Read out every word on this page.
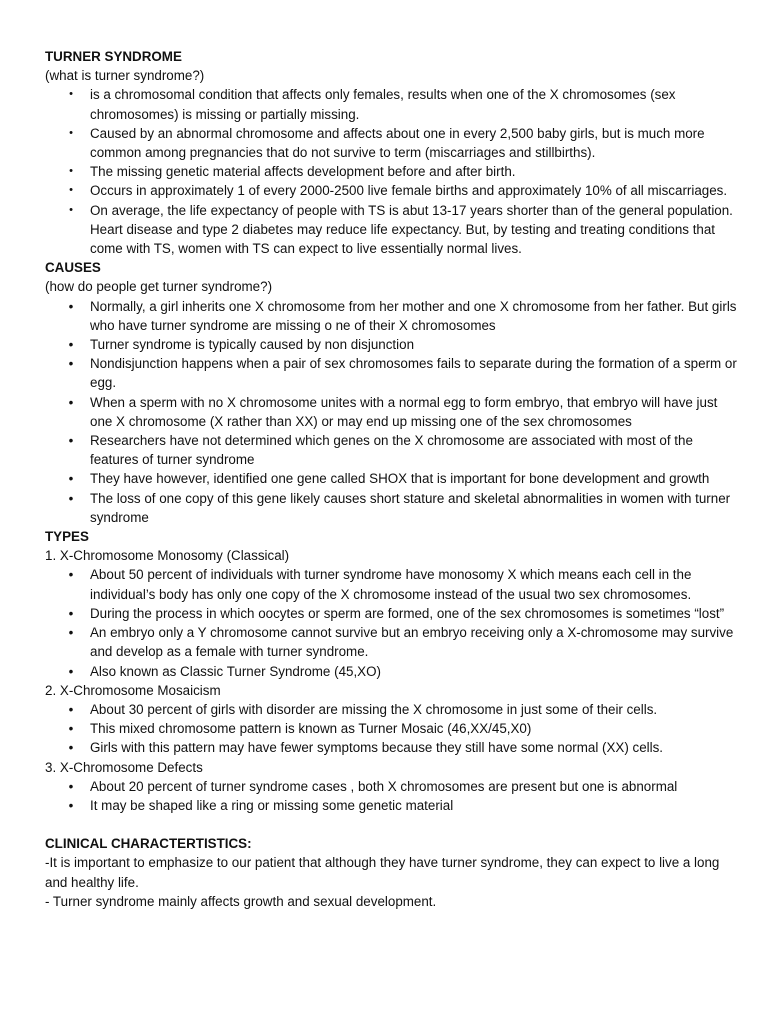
TURNER SYNDROME

(what is turner syndrome?)

• is a chromosomal condition that affects only females, results when one of the X chromosomes (sex chromosomes) is missing or partially missing.
• Caused by an abnormal chromosome and affects about one in every 2,500 baby girls, but is much more common among pregnancies that do not survive to term (miscarriages and stillbirths).
• The missing genetic material affects development before and after birth.
• Occurs in approximately 1 of every 2000-2500 live female births and approximately 10% of all miscarriages.
• On average, the life expectancy of people with TS is abut 13-17 years shorter than of the general population. Heart disease and type 2 diabetes may reduce life expectancy. But, by testing and treating conditions that come with TS, women with TS can expect to live essentially normal lives.

CAUSES

(how do people get turner syndrome?)

• Normally, a girl inherits one X chromosome from her mother and one X chromosome from her father. But girls who have turner syndrome are missing o ne of their X chromosomes
• Turner syndrome is typically caused by non disjunction
• Nondisjunction happens when a pair of sex chromosomes fails to separate during the formation of a sperm or egg.
• When a sperm with no X chromosome unites with a normal egg to form embryo, that embryo will have just one X chromosome (X rather than XX) or may end up missing one of the sex chromosomes
• Researchers have not determined which genes on the X chromosome are associated with most of the features of turner syndrome
• They have however, identified one gene called SHOX that is important for bone development and growth
• The loss of one copy of this gene likely causes short stature and skeletal abnormalities in women with turner syndrome

TYPES

1. X-Chromosome Monosomy (Classical)

• About 50 percent of individuals with turner syndrome have monosomy X which means each cell in the individual’s body has only one copy of the X chromosome instead of the usual two sex chromosomes.
• During the process in which oocytes or sperm are formed, one of the sex chromosomes is sometimes “lost”
• An embryo only a Y chromosome cannot survive but an embryo receiving only a X-chromosome may survive and develop as a female with turner syndrome.
• Also known as Classic Turner Syndrome (45,XO)

2. X-Chromosome Mosaicism

• About 30 percent of girls with disorder are missing the X chromosome in just some of their cells.
• This mixed chromosome pattern is known as Turner Mosaic (46,XX/45,X0)
• Girls with this pattern may have fewer symptoms because they still have some normal (XX) cells.

3. X-Chromosome Defects

• About 20 percent of turner syndrome cases , both X chromosomes are present but one is abnormal
• It may be shaped like a ring or missing some genetic material

CLINICAL CHARACTERTISTICS:

-It is important to emphasize to our patient that although they have turner syndrome, they can expect to live a long and healthy life.

- Turner syndrome mainly affects growth and sexual development.
